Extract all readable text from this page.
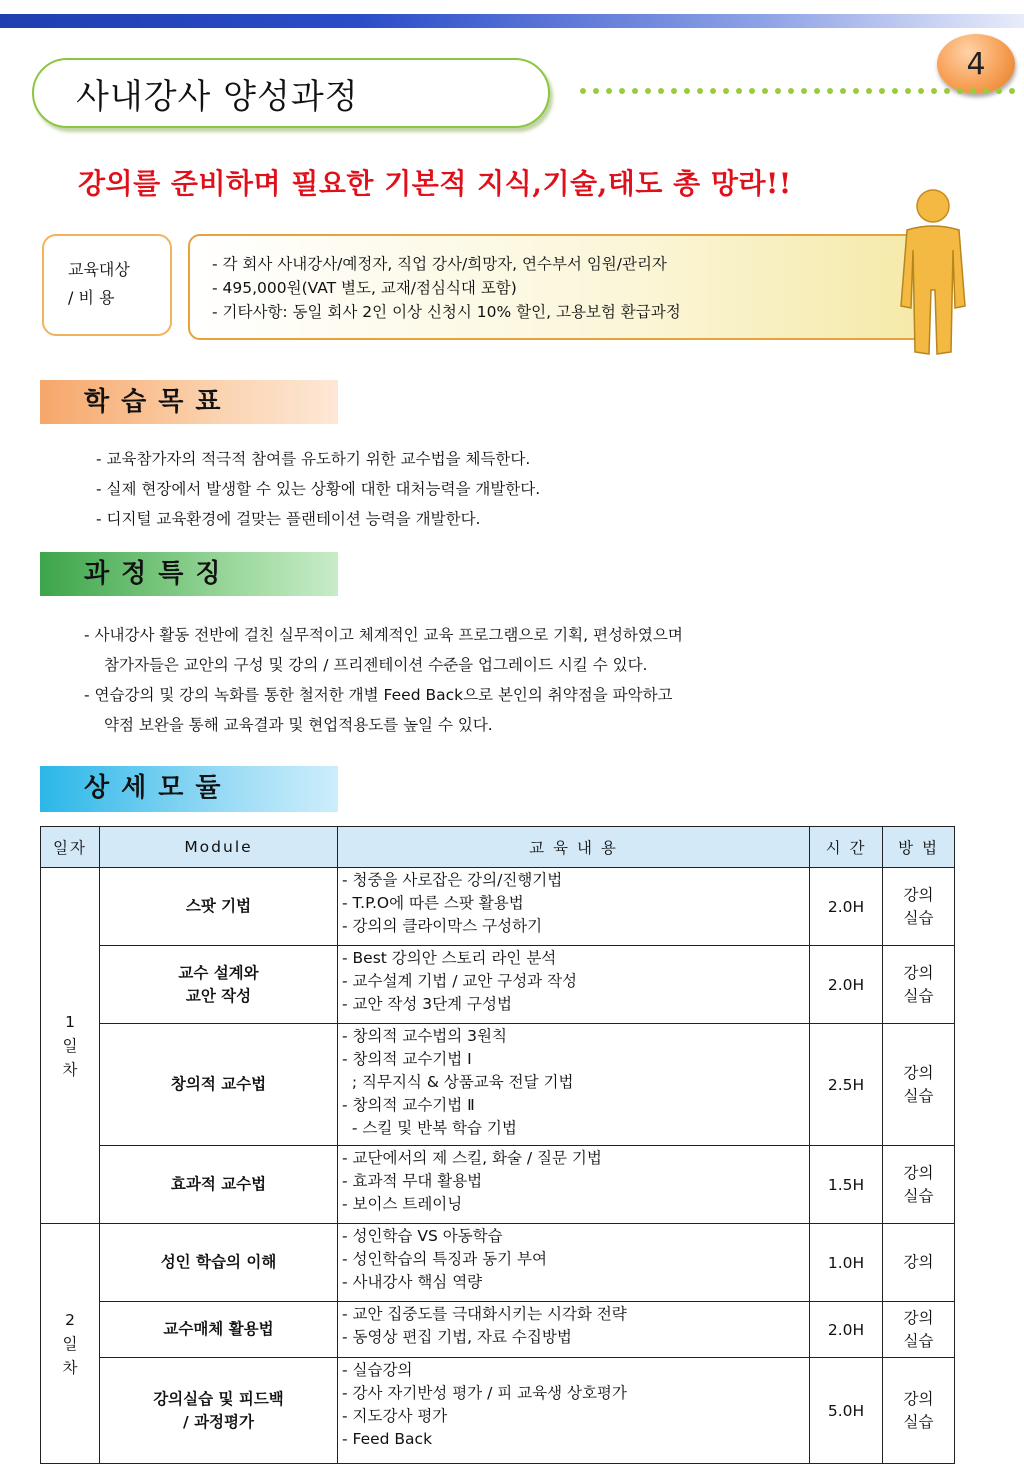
4
사내강사 양성과정
강의를 준비하며 필요한 기본적 지식,기술,태도 총 망라!!
교육대상
/ 비 용
- 각 회사 사내강사/예정자, 직업 강사/희망자, 연수부서 임원/관리자
- 495,000원(VAT 별도, 교재/점심식대 포함)
- 기타사항: 동일 회사 2인 이상 신청시 10% 할인, 고용보험 환급과정
학습목표
- 교육참가자의 적극적 참여를 유도하기 위한 교수법을 체득한다.
- 실제 현장에서 발생할 수 있는 상황에 대한 대처능력을 개발한다.
- 디지털 교육환경에 걸맞는 플랜테이션 능력을 개발한다.
과정특징
- 사내강사 활동 전반에 걸친 실무적이고 체계적인 교육 프로그램으로 기획, 편성하였으며
참가자들은 교안의 구성 및 강의 / 프리젠테이션 수준을 업그레이드 시킬 수 있다.
- 연습강의 및 강의 녹화를 통한 철저한 개별 Feed Back으로 본인의 취약점을 파악하고
약점 보완을 통해 교육결과 및 현업적용도를 높일 수 있다.
상세모듈
일자	Module	교 육 내 용	시 간	방 법
1
일
차	스팟 기법	- 청중을 사로잡은 강의/진행기법
- T.P.O에 따른 스팟 활용법
- 강의의 클라이막스 구성하기	2.0H	강의
실습
	교수 설계와
교안 작성	- Best 강의안 스토리 라인 분석
- 교수설계 기법 / 교안 구성과 작성
- 교안 작성 3단계 구성법	2.0H	강의
실습
	창의적 교수법	- 창의적 교수법의 3원칙
- 창의적 교수기법 Ⅰ
; 직무지식 & 상품교육 전달 기법
- 창의적 교수기법 Ⅱ
- 스킬 및 반복 학습 기법	2.5H	강의
실습
	효과적 교수법	- 교단에서의 제 스킬, 화술 / 질문 기법
- 효과적 무대 활용법
- 보이스 트레이닝	1.5H	강의
실습
2
일
차	성인 학습의 이해	- 성인학습 VS 아동학습
- 성인학습의 특징과 동기 부여
- 사내강사 핵심 역량	1.0H	강의
	교수매체 활용법	- 교안 집중도를 극대화시키는 시각화 전략
- 동영상 편집 기법, 자료 수집방법	2.0H	강의
실습
	강의실습 및 피드백
/ 과정평가	- 실습강의
- 강사 자기반성 평가 / 피 교육생 상호평가
- 지도강사 평가
- Feed Back	5.0H	강의
실습
